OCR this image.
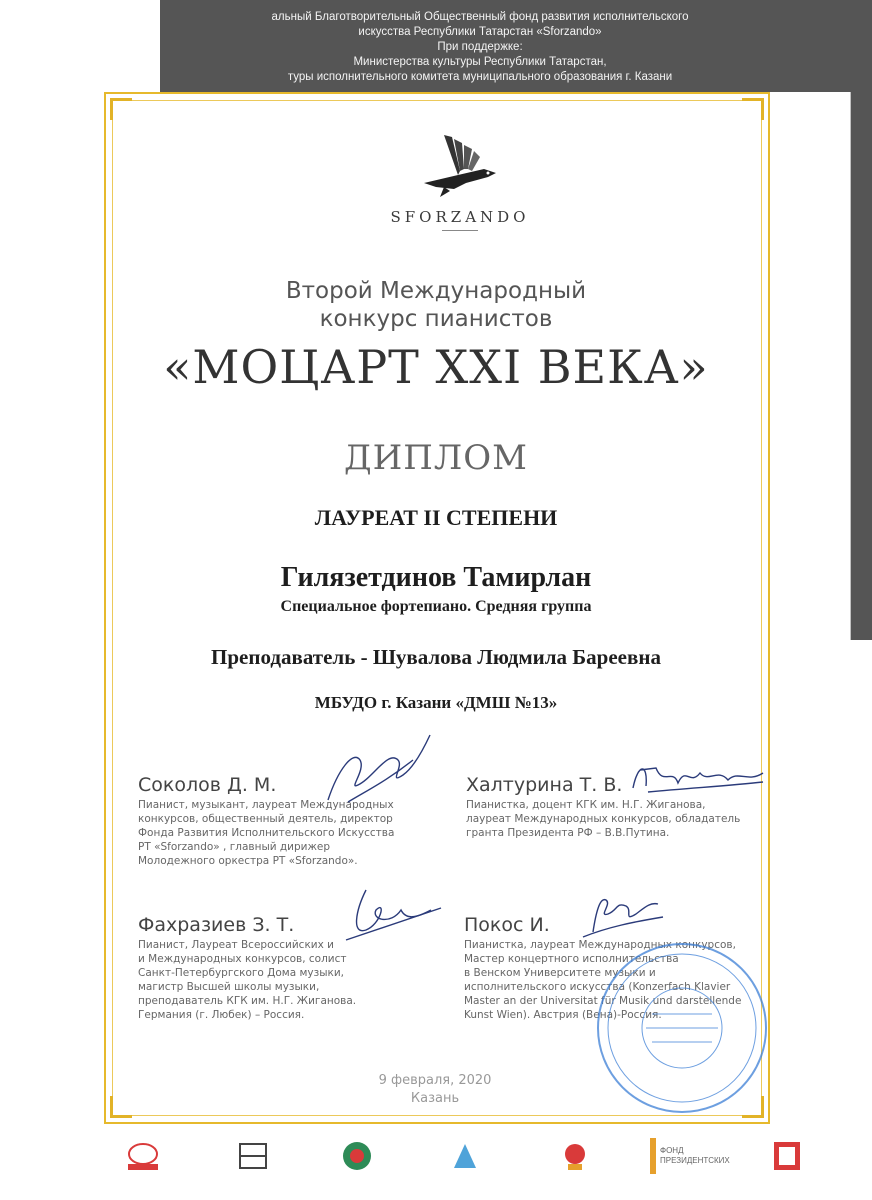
альный Благотворительный Общественный фонд развития исполнительского
искусства Республики Татарстан «Sforzando»
При поддержке:
Министерства культуры Республики Татарстан,
туры исполнительного комитета муниципального образования г. Казани
SFORZANDO
Второй Международный
конкурс пианистов
«МОЦАРТ XXI ВЕКА»
ДИПЛОМ
ЛАУРЕАТ II СТЕПЕНИ
Гилязетдинов Тамирлан
Специальное фортепиано. Средняя группа
Преподаватель - Шувалова Людмила Бареевна
МБУДО г. Казани «ДМШ №13»
Соколов Д. М.
Пианист, музыкант, лауреат Международных
конкурсов, общественный деятель, директор
Фонда Развития Исполнительского Искусства
РТ «Sforzando» , главный дирижер
Молодежного оркестра РТ «Sforzando».
Халтурина Т. В.
Пианистка, доцент КГК им. Н.Г. Жиганова,
лауреат Международных конкурсов, обладатель
гранта Президента РФ – В.В.Путина.
Фахразиев З. Т.
Пианист, Лауреат Всероссийских и
и Международных конкурсов, солист
Санкт-Петербургского Дома музыки,
магистр Высшей школы музыки,
преподаватель КГК им. Н.Г. Жиганова.
Германия (г. Любек) – Россия.
Покос И.
Пианистка, лауреат Международных конкурсов,
Мастер концертного исполнительства
в Венском Университете музыки и
исполнительского искусства (Konzerfach Klavier
Master an der Universitat für Musik und darstellende
Kunst Wien). Австрия (Вена)-Россия.
9 февраля, 2020
Казань
ФОНД ПРЕЗИДЕНТСКИХ
